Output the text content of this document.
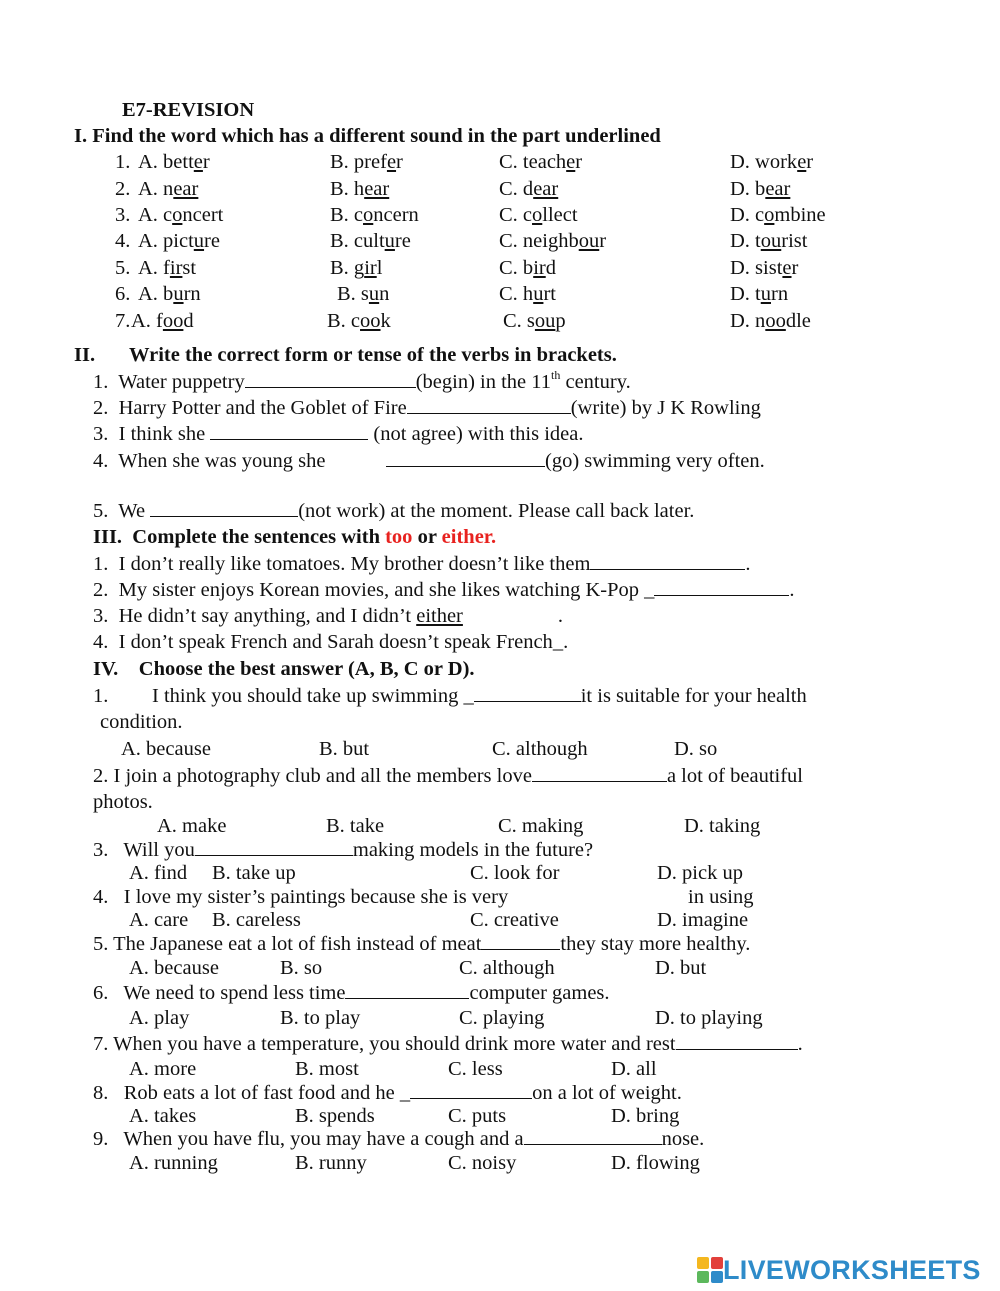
E7-REVISION
I. Find the word which has a different sound in the part underlined
1. A. better	B. prefer	C. teacher	D. worker
2. A. near	B. hear	C. dear	D. bear
3. A. concert	B. concern	C. collect	D. combine
4. A. picture	B. culture	C. neighbour	D. tourist
5. A. first	B. girl	C. bird	D. sister
6. A. burn	B. sun	C. hurt	D. turn
7. A. food	B. cook	C. soup	D. noodle
II. Write the correct form or tense of the verbs in brackets.
1. Water puppetry	(begin) in the 11th century.
2. Harry Potter and the Goblet of Fire	(write) by J K Rowling
3. I think she	(not agree) with this idea.
4. When she was young she	(go) swimming very often.
5. We	(not work) at the moment. Please call back later.
III.  Complete the sentences with too or either.
1. I don’t really like tomatoes. My brother doesn’t like them	.
2. My sister enjoys Korean movies, and she likes watching K-Pop _	.
3. He didn’t say anything, and I didn’t either	.
4. I don’t speak French and Sarah doesn’t speak French_.
IV.    Choose the best answer (A, B, C or D).
1. I think you should take up swimming _	it is suitable for your health
condition.
A. because	B. but	C. although	D. so
2. I join a photography club and all the members love	a lot of beautiful
photos.
A. make	B. take	C. making	D. taking
3. Will you	making models in the future?
A. find B. take up	C. look for	D. pick up
4. I love my sister’s paintings because she is very	in using
A. care B. careless	C. creative	D. imagine
5. The Japanese eat a lot of fish instead of meat	they stay more healthy.
A. because	B. so	C. although	D. but
6. We need to spend less time	computer games.
A. play	B. to play	C. playing	D. to playing
7. When you have a temperature, you should drink more water and rest	.
A. more	B. most	C. less	D. all
8. Rob eats a lot of fast food and he _	on a lot of weight.
A. takes	B. spends	C. puts	D. bring
9. When you have flu, you may have a cough and a	nose.
A. running	B. runny	C. noisy	D. flowing
LIVEWORKSHEETS
